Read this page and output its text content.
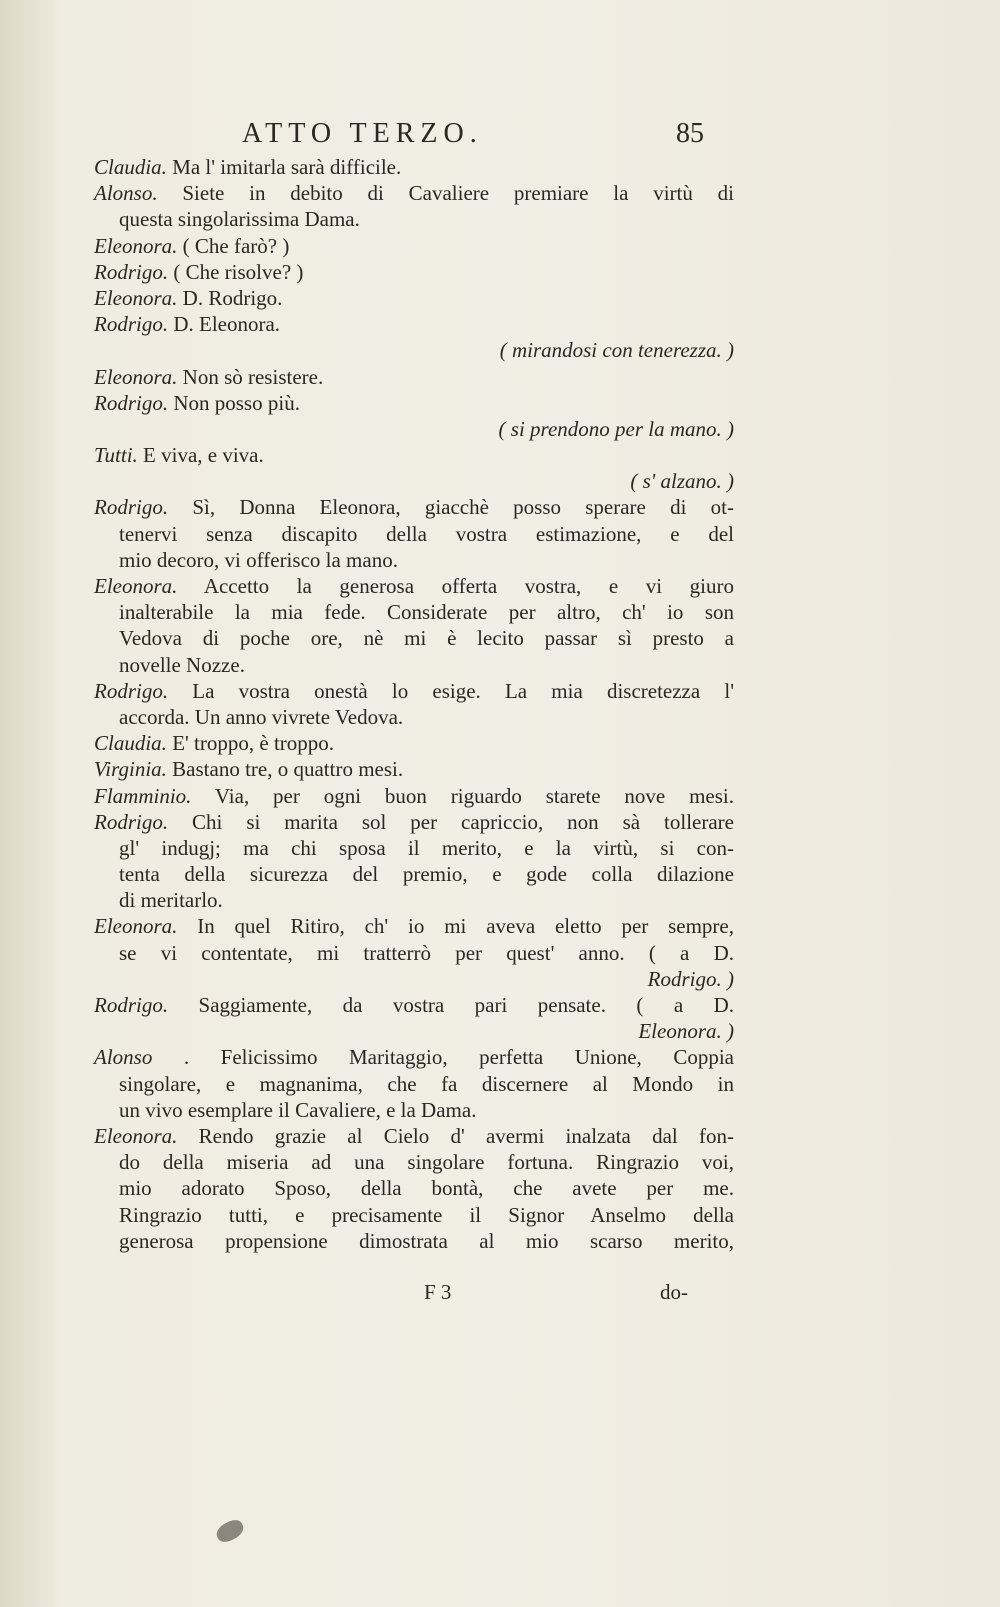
ATTO TERZO.	85
Claudia. Ma l' imitarla sarà difficile.
Alonso. Siete in debito di Cavaliere premiare la virtù di
questa singolarissima Dama.
Eleonora. ( Che farò? )
Rodrigo. ( Che risolve? )
Eleonora. D. Rodrigo.
Rodrigo. D. Eleonora.
( mirandosi con tenerezza. )
Eleonora. Non sò resistere.
Rodrigo. Non posso più.
( si prendono per la mano. )
Tutti. E viva, e viva.
( s' alzano. )
Rodrigo. Sì, Donna Eleonora, giacchè posso sperare di ot-
tenervi senza discapito della vostra estimazione, e del
mio decoro, vi offerisco la mano.
Eleonora. Accetto la generosa offerta vostra, e vi giuro
inalterabile la mia fede. Considerate per altro, ch' io son
Vedova di poche ore, nè mi è lecito passar sì presto a
novelle Nozze.
Rodrigo. La vostra onestà lo esige. La mia discretezza l'
accorda. Un anno vivrete Vedova.
Claudia. E' troppo, è troppo.
Virginia. Bastano tre, o quattro mesi.
Flamminio. Via, per ogni buon riguardo starete nove mesi.
Rodrigo. Chi si marita sol per capriccio, non sà tollerare
gl' indugj; ma chi sposa il merito, e la virtù, si con-
tenta della sicurezza del premio, e gode colla dilazione
di meritarlo.
Eleonora. In quel Ritiro, ch' io mi aveva eletto per sempre,
se vi contentate, mi tratterrò per quest' anno. ( a D.
Rodrigo. )
Rodrigo. Saggiamente, da vostra pari pensate. ( a D.
Eleonora. )
Alonso . Felicissimo Maritaggio, perfetta Unione, Coppia
singolare, e magnanima, che fa discernere al Mondo in
un vivo esemplare il Cavaliere, e la Dama.
Eleonora. Rendo grazie al Cielo d' avermi inalzata dal fon-
do della miseria ad una singolare fortuna. Ringrazio voi,
mio adorato Sposo, della bontà, che avete per me.
Ringrazio tutti, e precisamente il Signor Anselmo della
generosa propensione dimostrata al mio scarso merito,
F 3	do-
